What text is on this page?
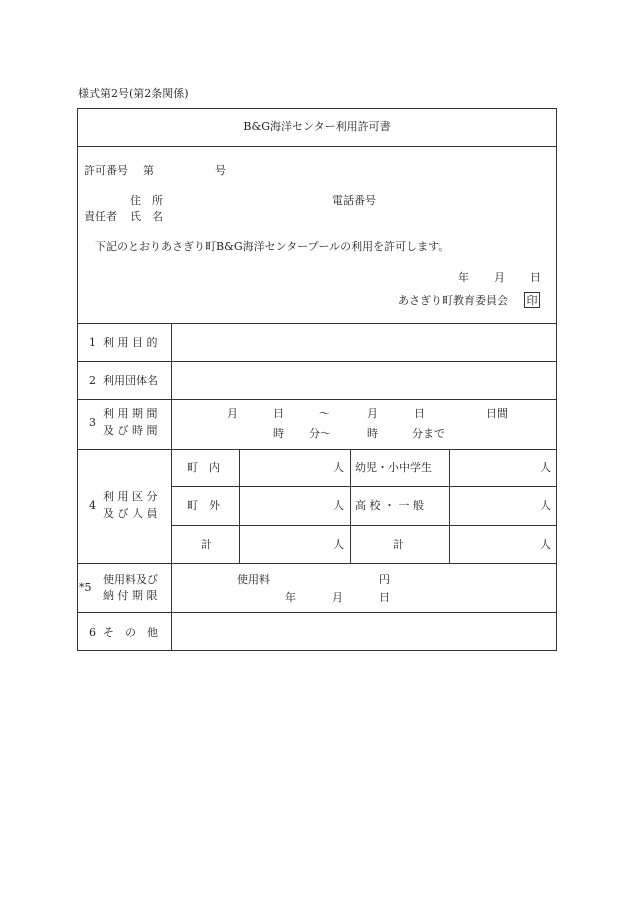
様式第2号(第2条関係)
B&G海洋センター利用許可書
許可番号 第	号
住　所	電話番号
責任者 氏　名
下記のとおりあさぎり町B&G海洋センタープールの利用を許可します。
年 月 日
あさぎり町教育委員会 印
1 利 用 目 的
2 利用団体名
3
利 用 期 間
及 び 時 間
月	日	〜	月	日	日間
時 分〜	時	分まで
4
利 用 区 分
及 び 人 員
町　内	人 幼児・小中学生	人
町　外	人 高 校 ・ 一 般	人
計	人	計	人
*5
使用料及び
納 付 期 限
使用料	円
年	月	日
6 そ　の　他
